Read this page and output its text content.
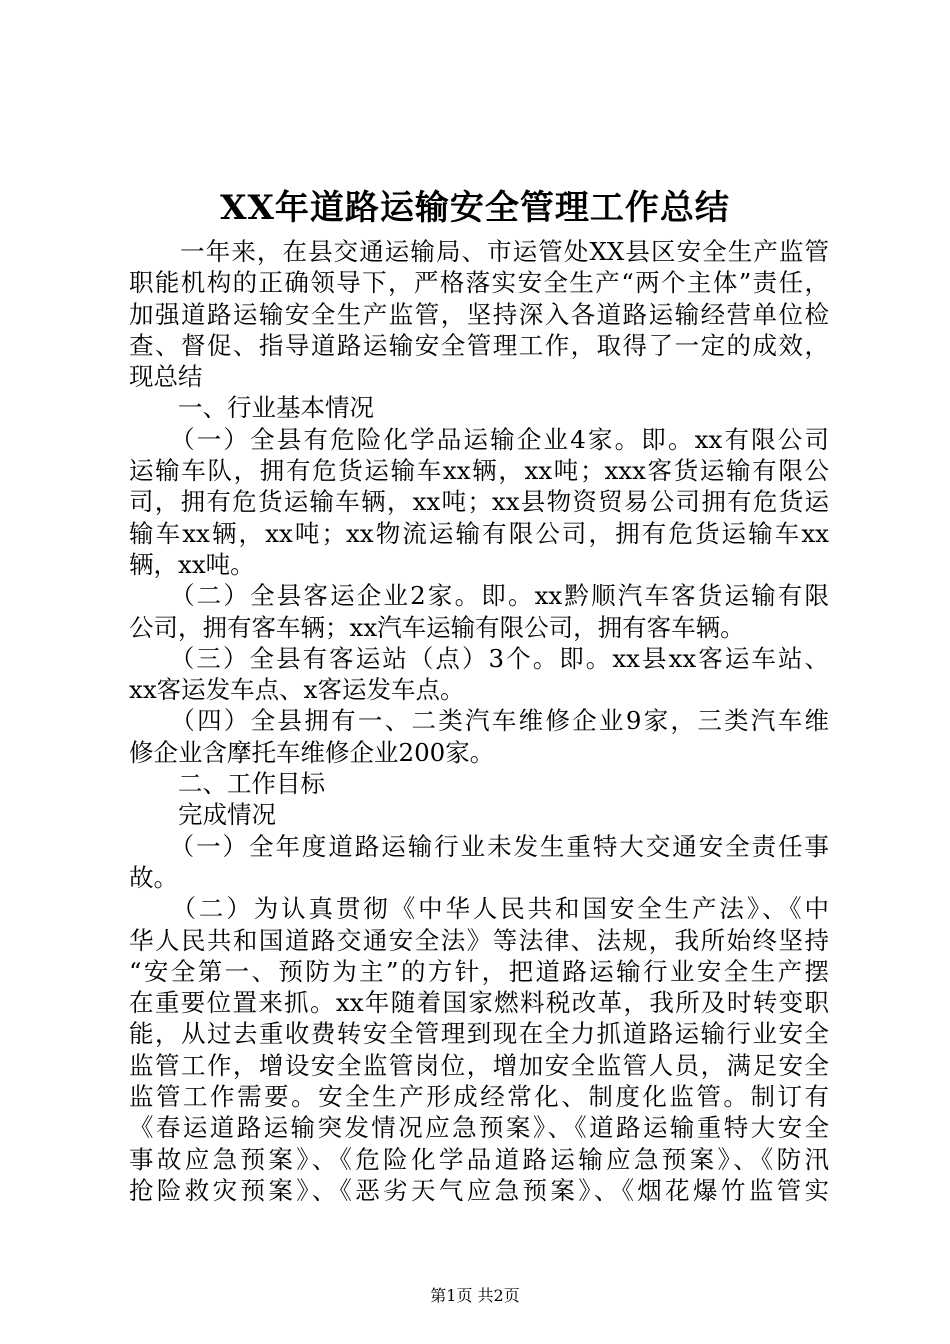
XX年道路运输安全管理工作总结
　　一年来，在县交通运输局、市运管处XX县区安全生产监管
职能机构的正确领导下，严格落实安全生产“两个主体”责任，
加强道路运输安全生产监管，坚持深入各道路运输经营单位检
查、督促、指导道路运输安全管理工作，取得了一定的成效，
现总结
　　一、行业基本情况
　　（一）全县有危险化学品运输企业4家。即。xx有限公司
运输车队，拥有危货运输车xx辆，xx吨；xxx客货运输有限公
司，拥有危货运输车辆，xx吨；xx县物资贸易公司拥有危货运
输车xx辆，xx吨；xx物流运输有限公司，拥有危货运输车xx
辆，xx吨。
　　（二）全县客运企业2家。即。xx黔顺汽车客货运输有限
公司，拥有客车辆；xx汽车运输有限公司，拥有客车辆。
　　（三）全县有客运站（点）3个。即。xx县xx客运车站、
xx客运发车点、x客运发车点。
　　（四）全县拥有一、二类汽车维修企业9家，三类汽车维
修企业含摩托车维修企业200家。
　　二、工作目标
　　完成情况
　　（一）全年度道路运输行业未发生重特大交通安全责任事
故。
　　（二）为认真贯彻《中华人民共和国安全生产法》、《中
华人民共和国道路交通安全法》等法律、法规，我所始终坚持
“安全第一、预防为主”的方针，把道路运输行业安全生产摆
在重要位置来抓。xx年随着国家燃料税改革，我所及时转变职
能，从过去重收费转安全管理到现在全力抓道路运输行业安全
监管工作，增设安全监管岗位，增加安全监管人员，满足安全
监管工作需要。安全生产形成经常化、制度化监管。制订有
《春运道路运输突发情况应急预案》、《道路运输重特大安全
事故应急预案》、《危险化学品道路运输应急预案》、《防汛
抢险救灾预案》、《恶劣天气应急预案》、《烟花爆竹监管实
第1页 共2页
